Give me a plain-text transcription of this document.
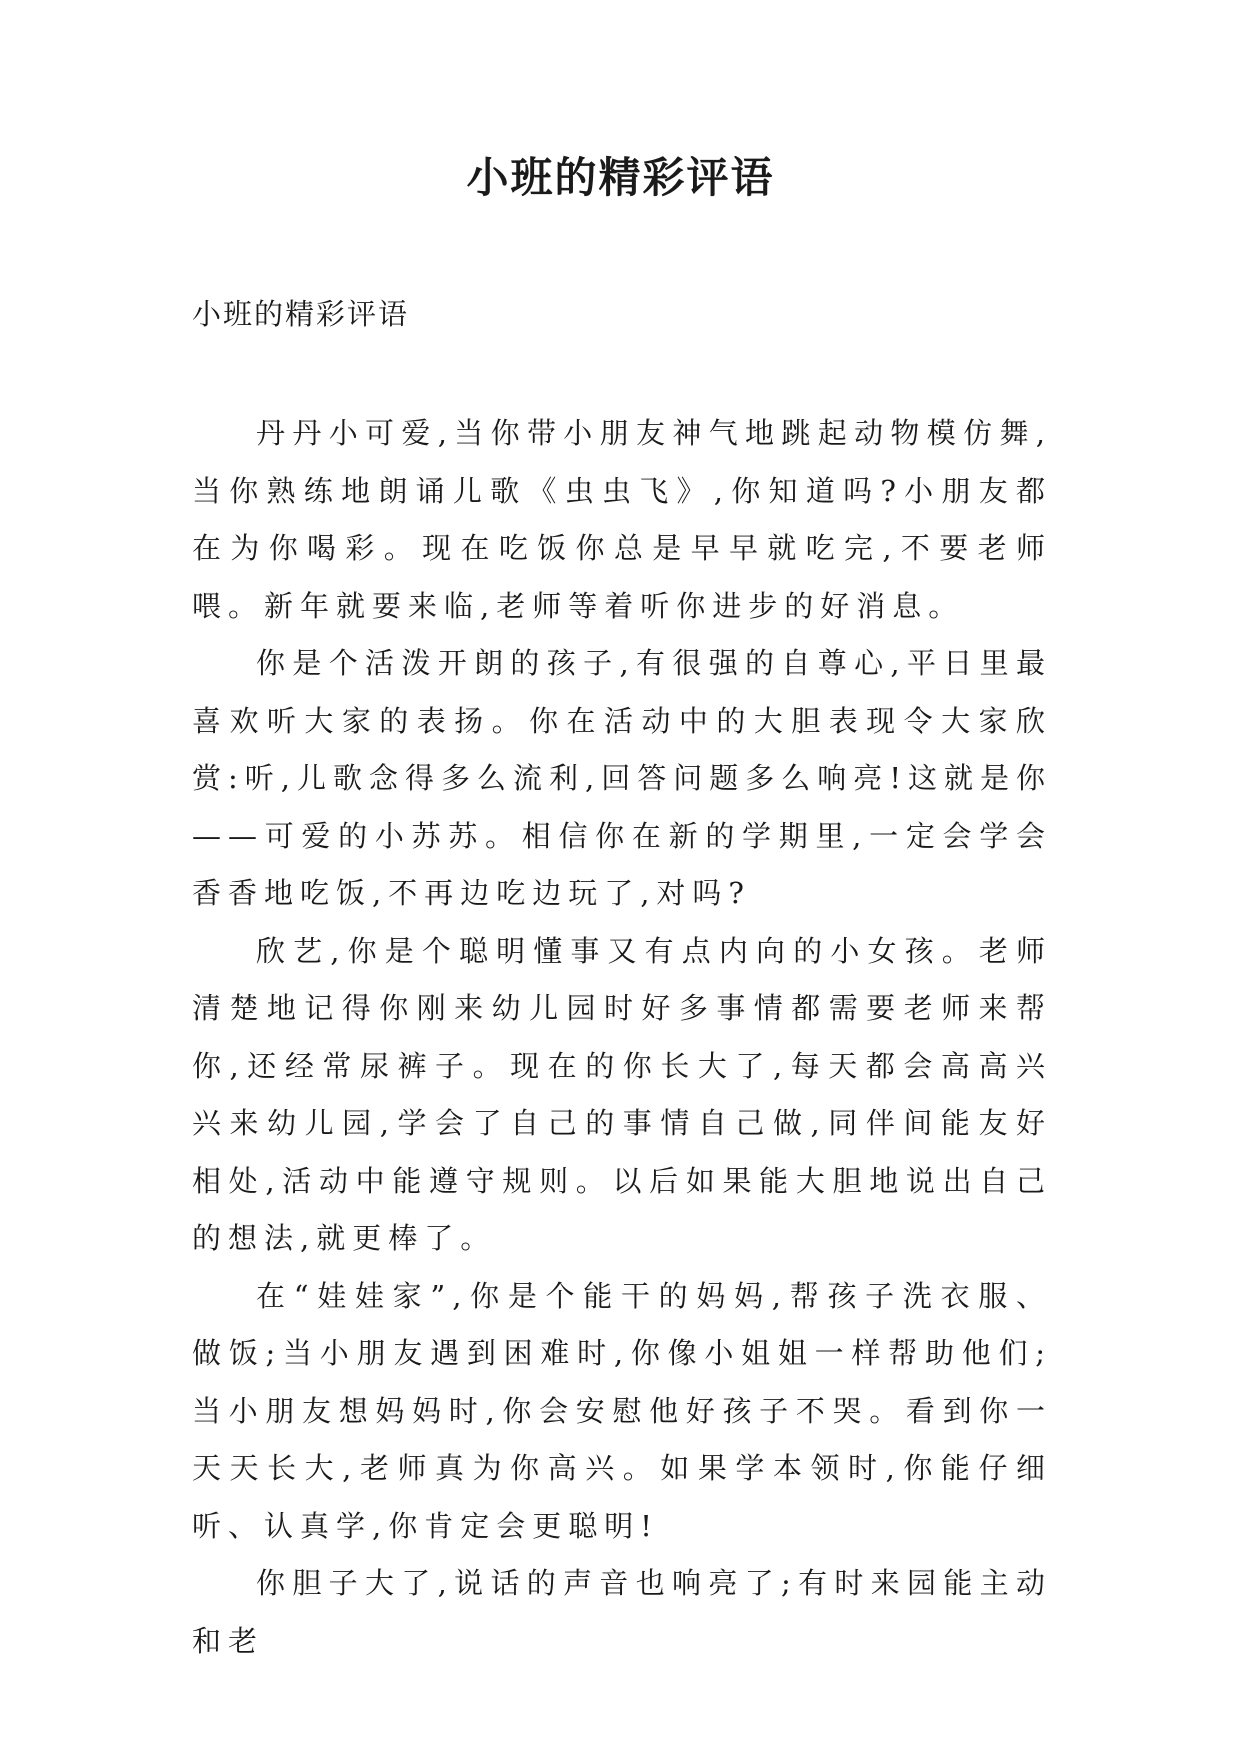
小班的精彩评语

小班的精彩评语

丹丹小可爱,当你带小朋友神气地跳起动物模仿舞,当你熟练地朗诵儿歌《虫虫飞》,你知道吗?小朋友都在为你喝彩。现在吃饭你总是早早就吃完,不要老师喂。新年就要来临,老师等着听你进步的好消息。

你是个活泼开朗的孩子,有很强的自尊心,平日里最喜欢听大家的表扬。你在活动中的大胆表现令大家欣赏:听,儿歌念得多么流利,回答问题多么响亮!这就是你——可爱的小苏苏。相信你在新的学期里,一定会学会香香地吃饭,不再边吃边玩了,对吗?

欣艺,你是个聪明懂事又有点内向的小女孩。老师清楚地记得你刚来幼儿园时好多事情都需要老师来帮你,还经常尿裤子。现在的你长大了,每天都会高高兴兴来幼儿园,学会了自己的事情自己做,同伴间能友好相处,活动中能遵守规则。以后如果能大胆地说出自己的想法,就更棒了。

在“娃娃家”,你是个能干的妈妈,帮孩子洗衣服、做饭;当小朋友遇到困难时,你像小姐姐一样帮助他们;当小朋友想妈妈时,你会安慰他好孩子不哭。看到你一天天长大,老师真为你高兴。如果学本领时,你能仔细听、认真学,你肯定会更聪明!

你胆子大了,说话的声音也响亮了;有时来园能主动和老
